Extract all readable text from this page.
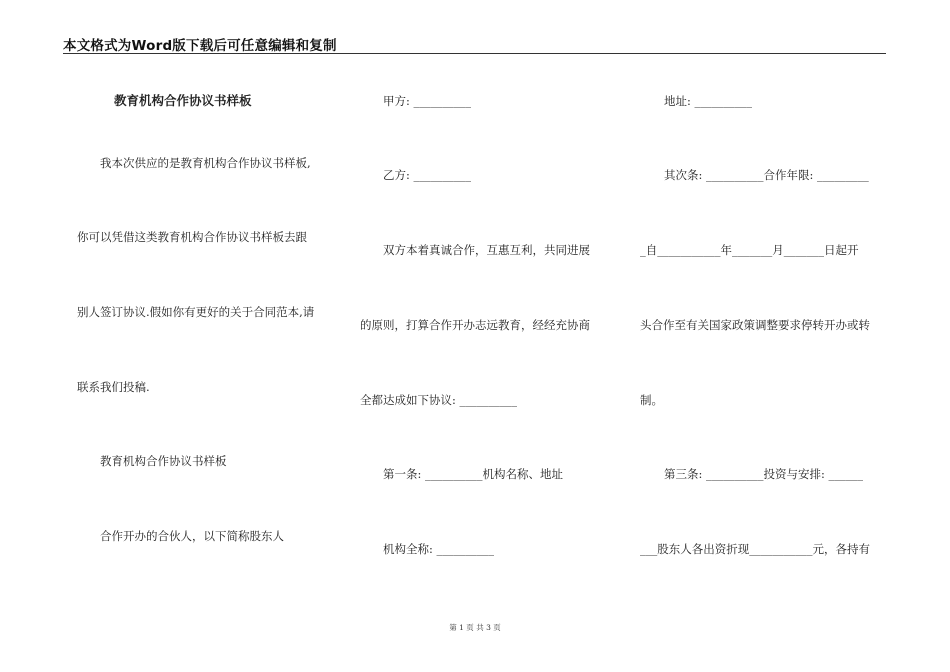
本文格式为Word版下载后可任意编辑和复制
教育机构合作协议书样板
我本次供应的是教育机构合作协议书样板,
你可以凭借这类教育机构合作协议书样板去跟
别人签订协议.假如你有更好的关于合同范本,请
联系我们投稿.
教育机构合作协议书样板
合作开办的合伙人，以下简称股东人
甲方: __________
乙方: __________
双方本着真诚合作，互惠互利，共同进展
的原则，打算合作开办志远教育，经经充协商
全都达成如下协议: __________
第一条: __________机构名称、地址
机构全称: __________
地址: __________
其次条: __________合作年限: _________
_自___________年_______月_______日起开
头合作至有关国家政策调整要求停转开办或转
制。
第三条: __________投资与安排: ______
___股东人各出资折现___________元，各持有
第 1 页 共 3 页
